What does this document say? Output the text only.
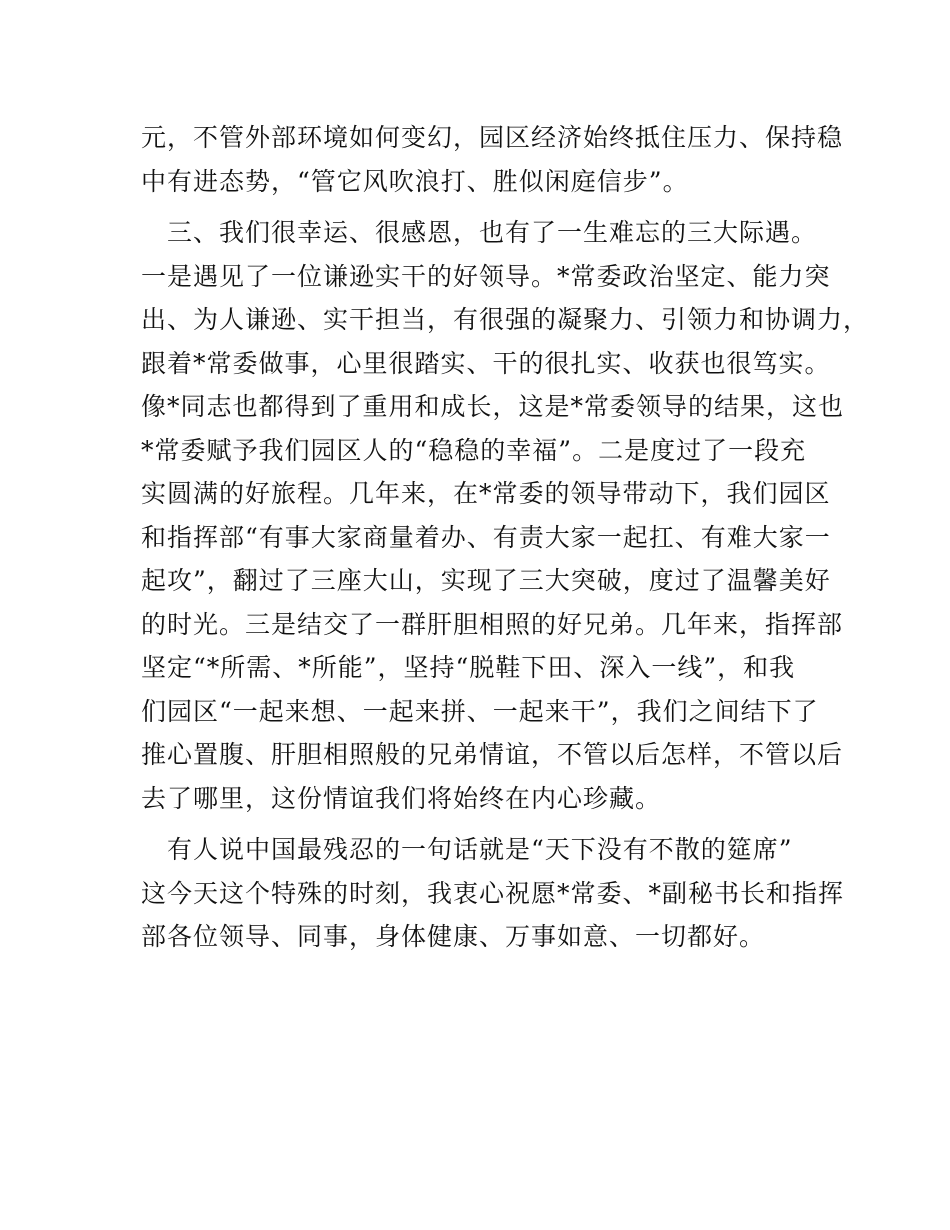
元，不管外部环境如何变幻，园区经济始终抵住压力、保持稳
中有进态势，“管它风吹浪打、胜似闲庭信步”。

　三、我们很幸运、很感恩，也有了一生难忘的三大际遇。
一是遇见了一位谦逊实干的好领导。*常委政治坚定、能力突
出、为人谦逊、实干担当，有很强的凝聚力、引领力和协调力，
跟着*常委做事，心里很踏实、干的很扎实、收获也很笃实。
像*同志也都得到了重用和成长，这是*常委领导的结果，这也
*常委赋予我们园区人的“稳稳的幸福”。二是度过了一段充
实圆满的好旅程。几年来，在*常委的领导带动下，我们园区
和指挥部“有事大家商量着办、有责大家一起扛、有难大家一
起攻”，翻过了三座大山，实现了三大突破，度过了温馨美好
的时光。三是结交了一群肝胆相照的好兄弟。几年来，指挥部
坚定“*所需、*所能”，坚持“脱鞋下田、深入一线”，和我
们园区“一起来想、一起来拼、一起来干”，我们之间结下了
推心置腹、肝胆相照般的兄弟情谊，不管以后怎样，不管以后
去了哪里，这份情谊我们将始终在内心珍藏。

　有人说中国最残忍的一句话就是“天下没有不散的筵席”
这今天这个特殊的时刻，我衷心祝愿*常委、*副秘书长和指挥
部各位领导、同事，身体健康、万事如意、一切都好。
